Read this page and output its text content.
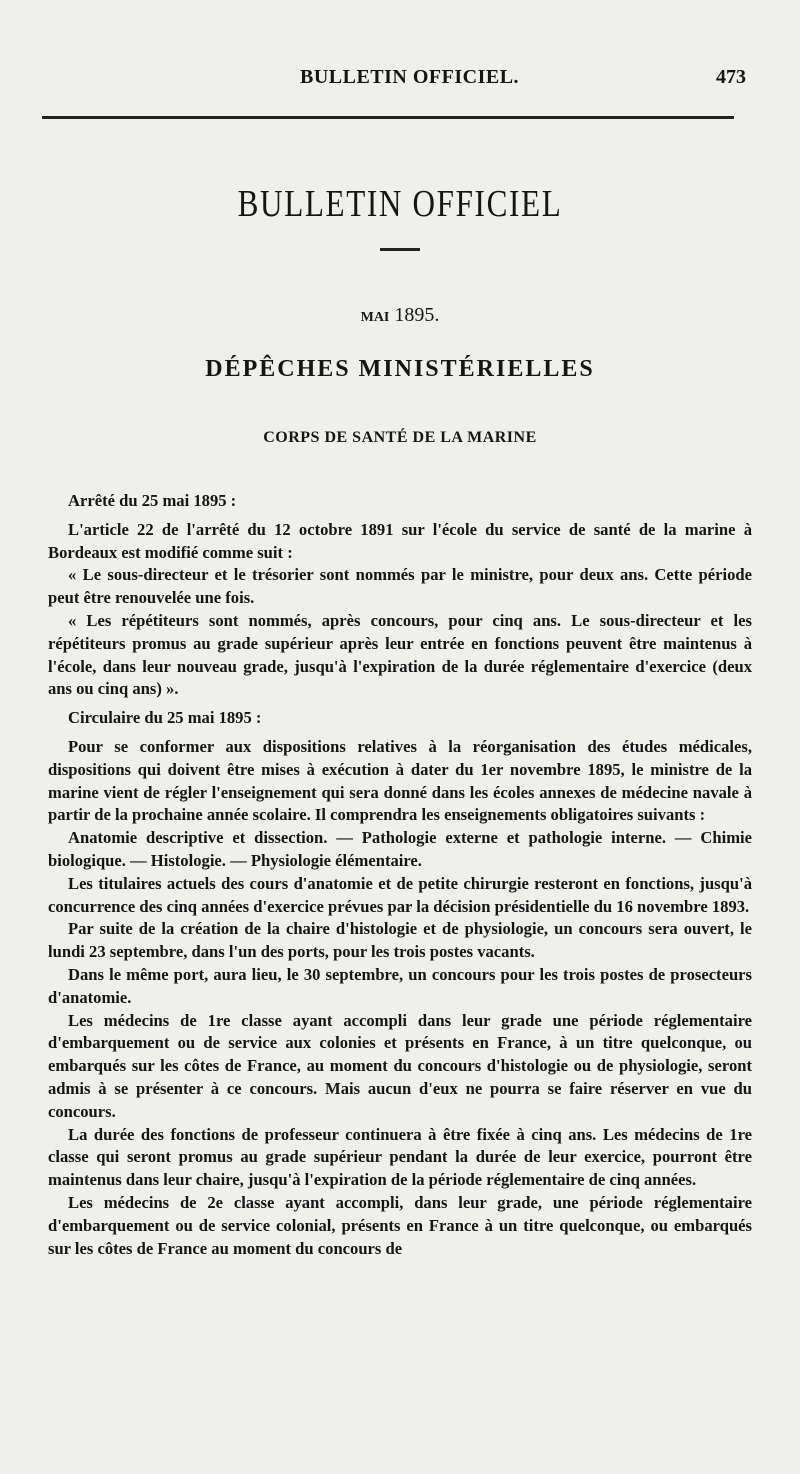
BULLETIN OFFICIEL.	473
BULLETIN OFFICIEL
MAI 1895.
DÉPÊCHES MINISTÉRIELLES
CORPS DE SANTÉ DE LA MARINE

Arrêté du 25 mai 1895 :

L'article 22 de l'arrêté du 12 octobre 1891 sur l'école du service de santé de la marine à Bordeaux est modifié comme suit :

« Le sous-directeur et le trésorier sont nommés par le ministre, pour deux ans. Cette période peut être renouvelée une fois.

« Les répétiteurs sont nommés, après concours, pour cinq ans. Le sous-directeur et les répétiteurs promus au grade supérieur après leur entrée en fonctions peuvent être maintenus à l'école, dans leur nouveau grade, jusqu'à l'expiration de la durée réglementaire d'exercice (deux ans ou cinq ans) ».

Circulaire du 25 mai 1895 :

Pour se conformer aux dispositions relatives à la réorganisation des études médicales, dispositions qui doivent être mises à exécution à dater du 1er novembre 1895, le ministre de la marine vient de régler l'enseignement qui sera donné dans les écoles annexes de médecine navale à partir de la prochaine année scolaire. Il comprendra les enseignements obligatoires suivants :

Anatomie descriptive et dissection. — Pathologie externe et pathologie interne. — Chimie biologique. — Histologie. — Physiologie élémentaire.

Les titulaires actuels des cours d'anatomie et de petite chirurgie resteront en fonctions, jusqu'à concurrence des cinq années d'exercice prévues par la décision présidentielle du 16 novembre 1893.

Par suite de la création de la chaire d'histologie et de physiologie, un concours sera ouvert, le lundi 23 septembre, dans l'un des ports, pour les trois postes vacants.

Dans le même port, aura lieu, le 30 septembre, un concours pour les trois postes de prosecteurs d'anatomie.

Les médecins de 1re classe ayant accompli dans leur grade une période réglementaire d'embarquement ou de service aux colonies et présents en France, à un titre quelconque, ou embarqués sur les côtes de France, au moment du concours d'histologie ou de physiologie, seront admis à se présenter à ce concours. Mais aucun d'eux ne pourra se faire réserver en vue du concours.

La durée des fonctions de professeur continuera à être fixée à cinq ans. Les médecins de 1re classe qui seront promus au grade supérieur pendant la durée de leur exercice, pourront être maintenus dans leur chaire, jusqu'à l'expiration de la période réglementaire de cinq années.

Les médecins de 2e classe ayant accompli, dans leur grade, une période réglementaire d'embarquement ou de service colonial, présents en France à un titre quelconque, ou embarqués sur les côtes de France au moment du concours de
